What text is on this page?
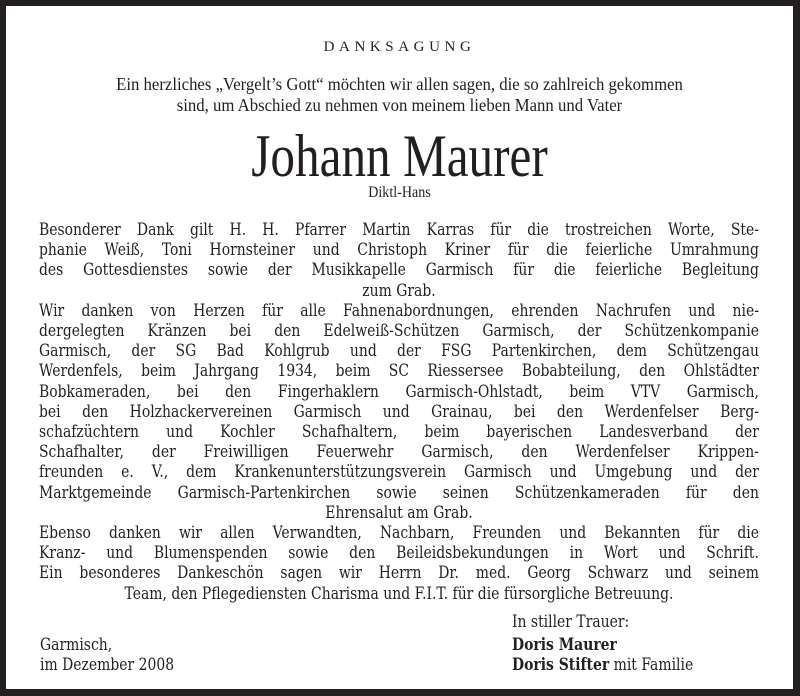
DANKSAGUNG
Ein herzliches „Vergelt’s Gott“ möchten wir allen sagen, die so zahlreich gekommen
sind, um Abschied zu nehmen von meinem lieben Mann und Vater
Johann Maurer
Diktl-Hans
Besonderer Dank gilt H. H. Pfarrer Martin Karras für die trostreichen Worte, Ste-
phanie Weiß, Toni Hornsteiner und Christoph Kriner für die feierliche Umrahmung
des Gottesdienstes sowie der Musikkapelle Garmisch für die feierliche Begleitung
zum Grab.
Wir danken von Herzen für alle Fahnenabordnungen, ehrenden Nachrufen und nie-
dergelegten Kränzen bei den Edelweiß-Schützen Garmisch, der Schützenkompanie
Garmisch, der SG Bad Kohlgrub und der FSG Partenkirchen, dem Schützengau
Werdenfels, beim Jahrgang 1934, beim SC Riessersee Bobabteilung, den Ohlstädter
Bobkameraden, bei den Fingerhaklern Garmisch-Ohlstadt, beim VTV Garmisch,
bei den Holzhackervereinen Garmisch und Grainau, bei den Werdenfelser Berg-
schafzüchtern und Kochler Schafhaltern, beim bayerischen Landesverband der
Schafhalter, der Freiwilligen Feuerwehr Garmisch, den Werdenfelser Krippen-
freunden e. V., dem Krankenunterstützungsverein Garmisch und Umgebung und der
Marktgemeinde Garmisch-Partenkirchen sowie seinen Schützenkameraden für den
Ehrensalut am Grab.
Ebenso danken wir allen Verwandten, Nachbarn, Freunden und Bekannten für die
Kranz- und Blumenspenden sowie den Beileidsbekundungen in Wort und Schrift.
Ein besonderes Dankeschön sagen wir Herrn Dr. med. Georg Schwarz und seinem
Team, den Pflegediensten Charisma und F.I.T. für die fürsorgliche Betreuung.
Garmisch,
im Dezember 2008
In stiller Trauer:
Doris Maurer
Doris Stifter mit Familie
